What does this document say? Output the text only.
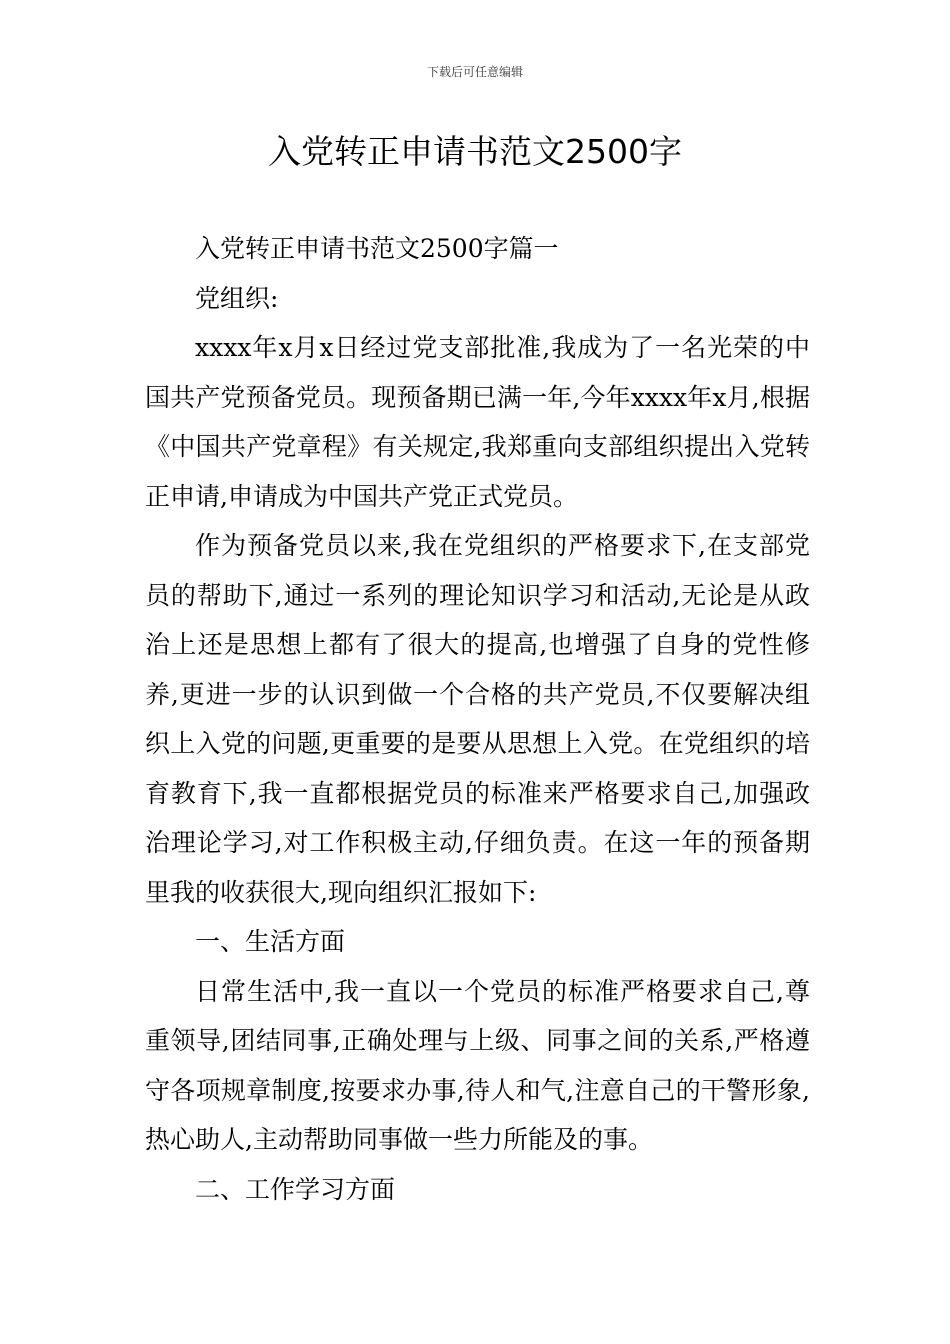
下载后可任意编辑
入党转正申请书范文2500字

入党转正申请书范文2500字篇一

党组织:

xxxx年x月x日经过党支部批准,我成为了一名光荣的中国共产党预备党员。现预备期已满一年,今年xxxx年x月,根据《中国共产党章程》有关规定,我郑重向支部组织提出入党转正申请,申请成为中国共产党正式党员。

作为预备党员以来,我在党组织的严格要求下,在支部党员的帮助下,通过一系列的理论知识学习和活动,无论是从政治上还是思想上都有了很大的提高,也增强了自身的党性修养,更进一步的认识到做一个合格的共产党员,不仅要解决组织上入党的问题,更重要的是要从思想上入党。在党组织的培育教育下,我一直都根据党员的标准来严格要求自己,加强政治理论学习,对工作积极主动,仔细负责。在这一年的预备期里我的收获很大,现向组织汇报如下:

一、生活方面

日常生活中,我一直以一个党员的标准严格要求自己,尊重领导,团结同事,正确处理与上级、同事之间的关系,严格遵守各项规章制度,按要求办事,待人和气,注意自己的干警形象,热心助人,主动帮助同事做一些力所能及的事。

二、工作学习方面
